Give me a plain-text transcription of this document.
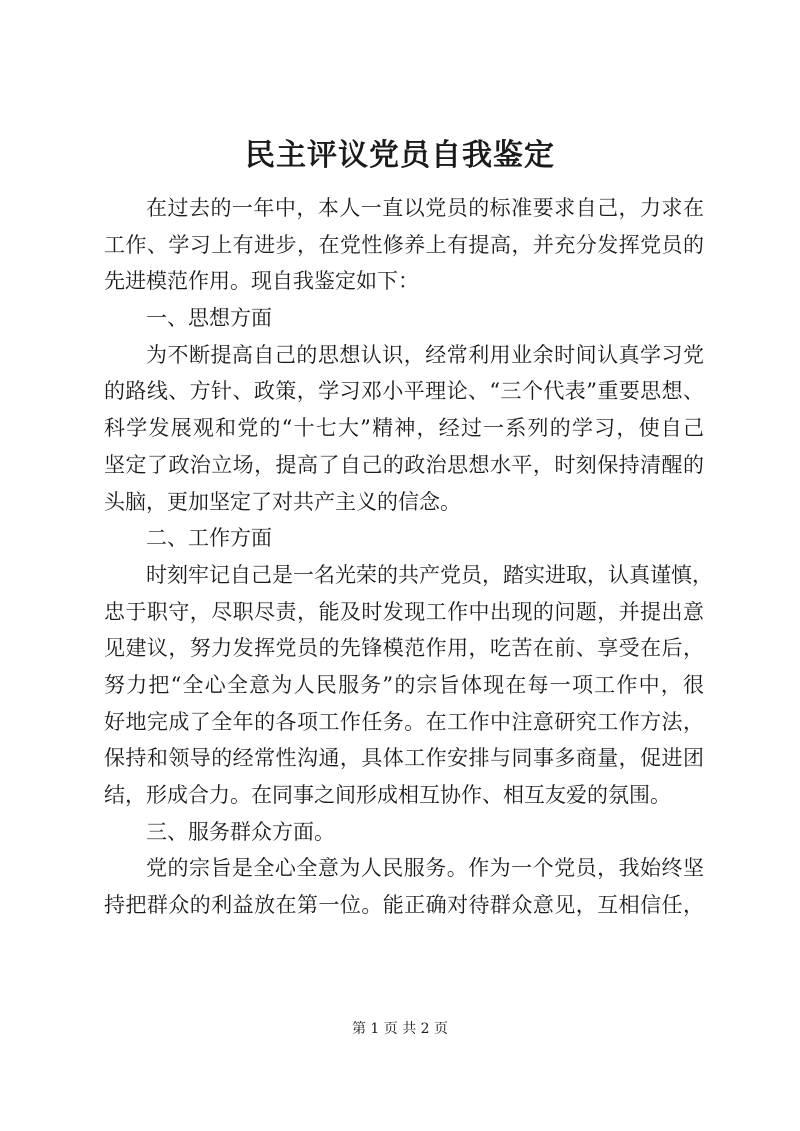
民主评议党员自我鉴定
在过去的一年中，本人一直以党员的标准要求自己，力求在
工作、学习上有进步，在党性修养上有提高，并充分发挥党员的
先进模范作用。现自我鉴定如下：
一、思想方面
为不断提高自己的思想认识，经常利用业余时间认真学习党
的路线、方针、政策，学习邓小平理论、“三个代表”重要思想、
科学发展观和党的“十七大”精神，经过一系列的学习，使自己
坚定了政治立场，提高了自己的政治思想水平，时刻保持清醒的
头脑，更加坚定了对共产主义的信念。
二、工作方面
时刻牢记自己是一名光荣的共产党员，踏实进取，认真谨慎，
忠于职守，尽职尽责，能及时发现工作中出现的问题，并提出意
见建议，努力发挥党员的先锋模范作用，吃苦在前、享受在后，
努力把“全心全意为人民服务”的宗旨体现在每一项工作中，很
好地完成了全年的各项工作任务。在工作中注意研究工作方法，
保持和领导的经常性沟通，具体工作安排与同事多商量，促进团
结，形成合力。在同事之间形成相互协作、相互友爱的氛围。
三、服务群众方面。
党的宗旨是全心全意为人民服务。作为一个党员，我始终坚
持把群众的利益放在第一位。能正确对待群众意见，互相信任，
第 1 页 共 2 页
